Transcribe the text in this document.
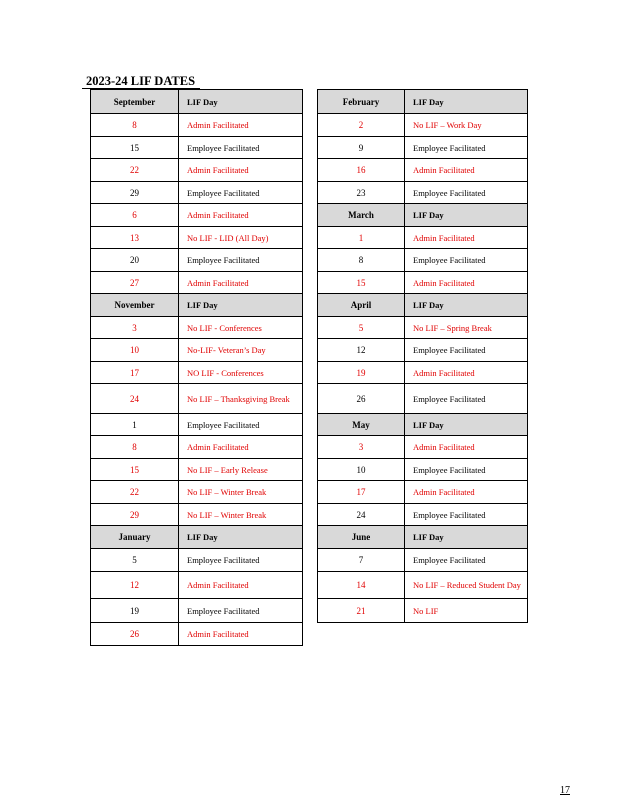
2023-24 LIF DATES
September	LIF Day
8	Admin Facilitated
15	Employee Facilitated
22	Admin Facilitated
29	Employee Facilitated
6	Admin Facilitated
13	No LIF - LID (All Day)
20	Employee Facilitated
27	Admin Facilitated
November	LIF Day
3	No LIF - Conferences
10	No-LIF- Veteran’s Day
17	NO LIF - Conferences
24	No LIF – Thanksgiving Break
1	Employee Facilitated
8	Admin Facilitated
15	No LIF – Early Release
22	No LIF – Winter Break
29	No LIF – Winter Break
January	LIF Day
5	Employee Facilitated
12	Admin Facilitated
19	Employee Facilitated
26	Admin Facilitated
February	LIF Day
2	No LIF – Work Day
9	Employee Facilitated
16	Admin Facilitated
23	Employee Facilitated
March	LIF Day
1	Admin Facilitated
8	Employee Facilitated
15	Admin Facilitated
April	LIF Day
5	No LIF – Spring Break
12	Employee Facilitated
19	Admin Facilitated
26	Employee Facilitated
May	LIF Day
3	Admin Facilitated
10	Employee Facilitated
17	Admin Facilitated
24	Employee Facilitated
June	LIF Day
7	Employee Facilitated
14	No LIF – Reduced Student Day
21	No LIF
17
